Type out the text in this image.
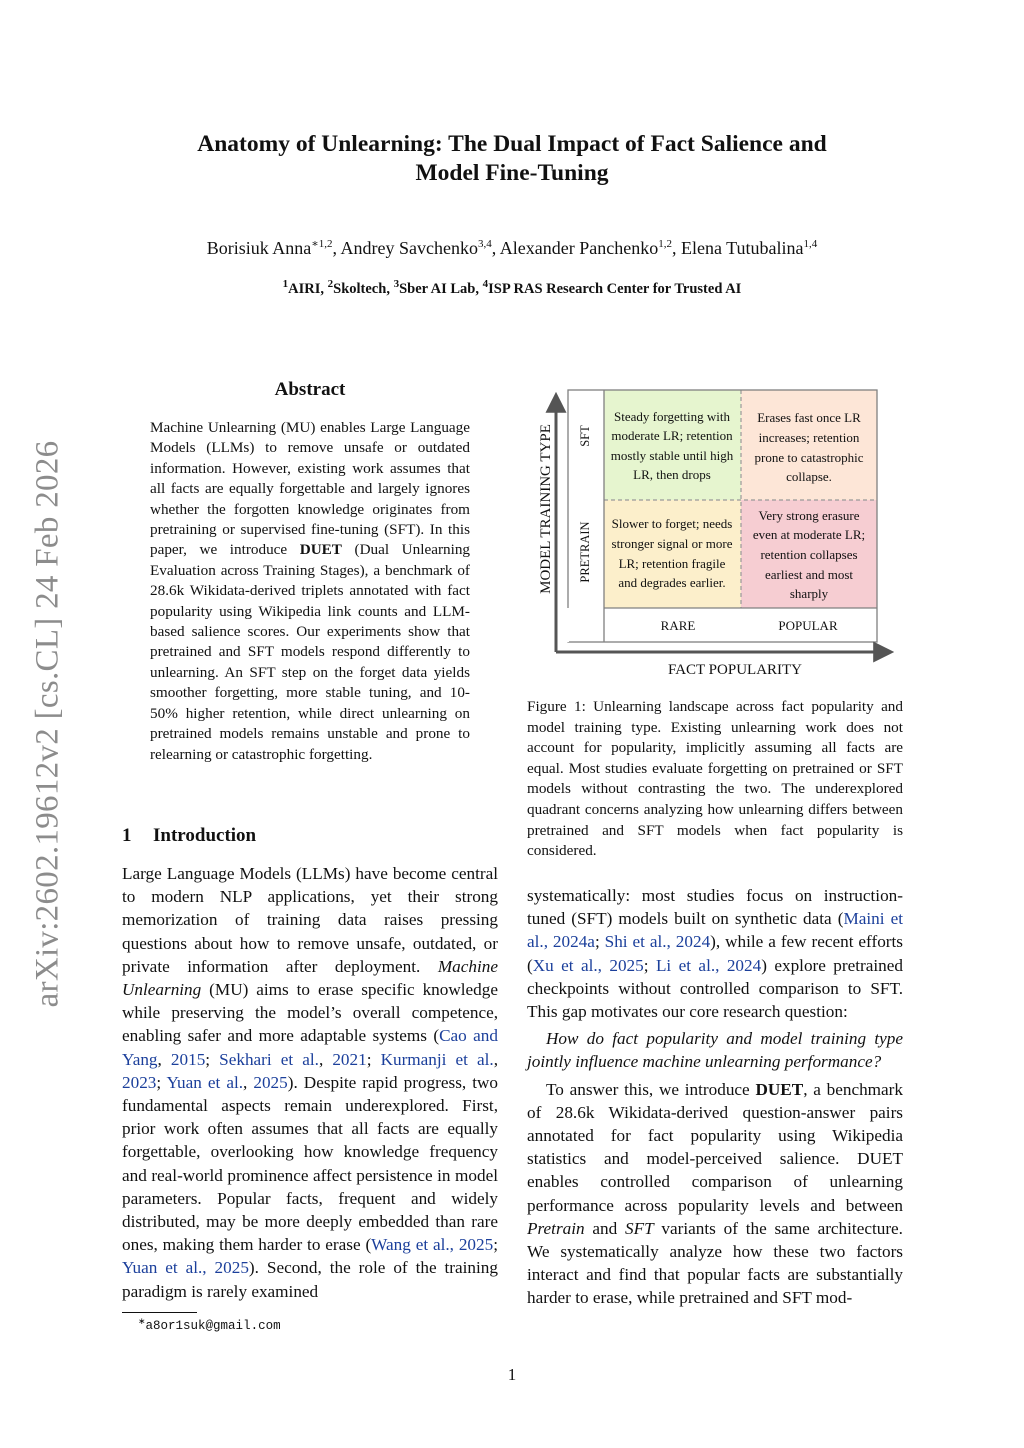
arXiv:2602.19612v2 [cs.CL] 24 Feb 2026
Anatomy of Unlearning: The Dual Impact of Fact Salience and
Model Fine-Tuning
Borisiuk Anna$^{∗1,2}$, Andrey Savchenko$^{3,4}$, Alexander Panchenko$^{1,2}$, Elena Tutubalina$^{1,4}$
$^1$AIRI, $^2$Skoltech, $^3$Sber AI Lab, $^4$ISP RAS Research Center for Trusted AI
Abstract
Machine Unlearning (MU) enables Large Language Models (LLMs) to remove unsafe or outdated information. However, existing work assumes that all facts are equally forgettable and largely ignores whether the forgotten knowledge originates from pretraining or supervised fine-tuning (SFT). In this paper, we introduce DUET (Dual Unlearning Evaluation across Training Stages), a benchmark of 28.6k Wikidata-derived triplets annotated with fact popularity using Wikipedia link counts and LLM-based salience scores. Our experiments show that pretrained and SFT models respond differently to unlearning. An SFT step on the forget data yields smoother forgetting, more stable tuning, and 10-50% higher retention, while direct unlearning on pretrained models remains unstable and prone to relearning or catastrophic forgetting.
1 Introduction
Large Language Models (LLMs) have become central to modern NLP applications, yet their strong memorization of training data raises pressing questions about how to remove unsafe, outdated, or private information after deployment. Machine Unlearning (MU) aims to erase specific knowledge while preserving the model’s overall competence, enabling safer and more adaptable systems (Cao and Yang, 2015; Sekhari et al., 2021; Kurmanji et al., 2023; Yuan et al., 2025). Despite rapid progress, two fundamental aspects remain underexplored. First, prior work often assumes that all facts are equally forgettable, overlooking how knowledge frequency and real-world prominence affect persistence in model parameters. Popular facts, frequent and widely distributed, may be more deeply embedded than rare ones, making them harder to erase (Wang et al., 2025; Yuan et al., 2025). Second, the role of the training paradigm is rarely examined
∗a8or1suk@gmail.com
MODEL TRAINING TYPE SFT
PRETRAIN
RARE	POPULAR
FACT POPULARITY
Steady forgetting with
moderate LR; retention
mostly stable until high
LR, then drops
Erases fast once LR
increases; retention
prone to catastrophic
collapse.
Slower to forget; needs
stronger signal or more
LR; retention fragile
and degrades earlier.
Very strong erasure
even at moderate LR;
retention collapses
earliest and most
sharply
Figure 1: Unlearning landscape across fact popularity and model training type. Existing unlearning work does not account for popularity, implicitly assuming all facts are equal. Most studies evaluate forgetting on pretrained or SFT models without contrasting the two. The underexplored quadrant concerns analyzing how unlearning differs between pretrained and SFT models when fact popularity is considered.

systematically: most studies focus on instruction-tuned (SFT) models built on synthetic data (Maini et al., 2024a; Shi et al., 2024), while a few recent efforts (Xu et al., 2025; Li et al., 2024) explore pretrained checkpoints without controlled comparison to SFT. This gap motivates our core research question:

How do fact popularity and model training type jointly influence machine unlearning performance?

To answer this, we introduce DUET, a benchmark of 28.6k Wikidata-derived question-answer pairs annotated for fact popularity using Wikipedia statistics and model-perceived salience. DUET enables controlled comparison of unlearning performance across popularity levels and between Pretrain and SFT variants of the same architecture. We systematically analyze how these two factors interact and find that popular facts are substantially harder to erase, while pretrained and SFT mod-

1
